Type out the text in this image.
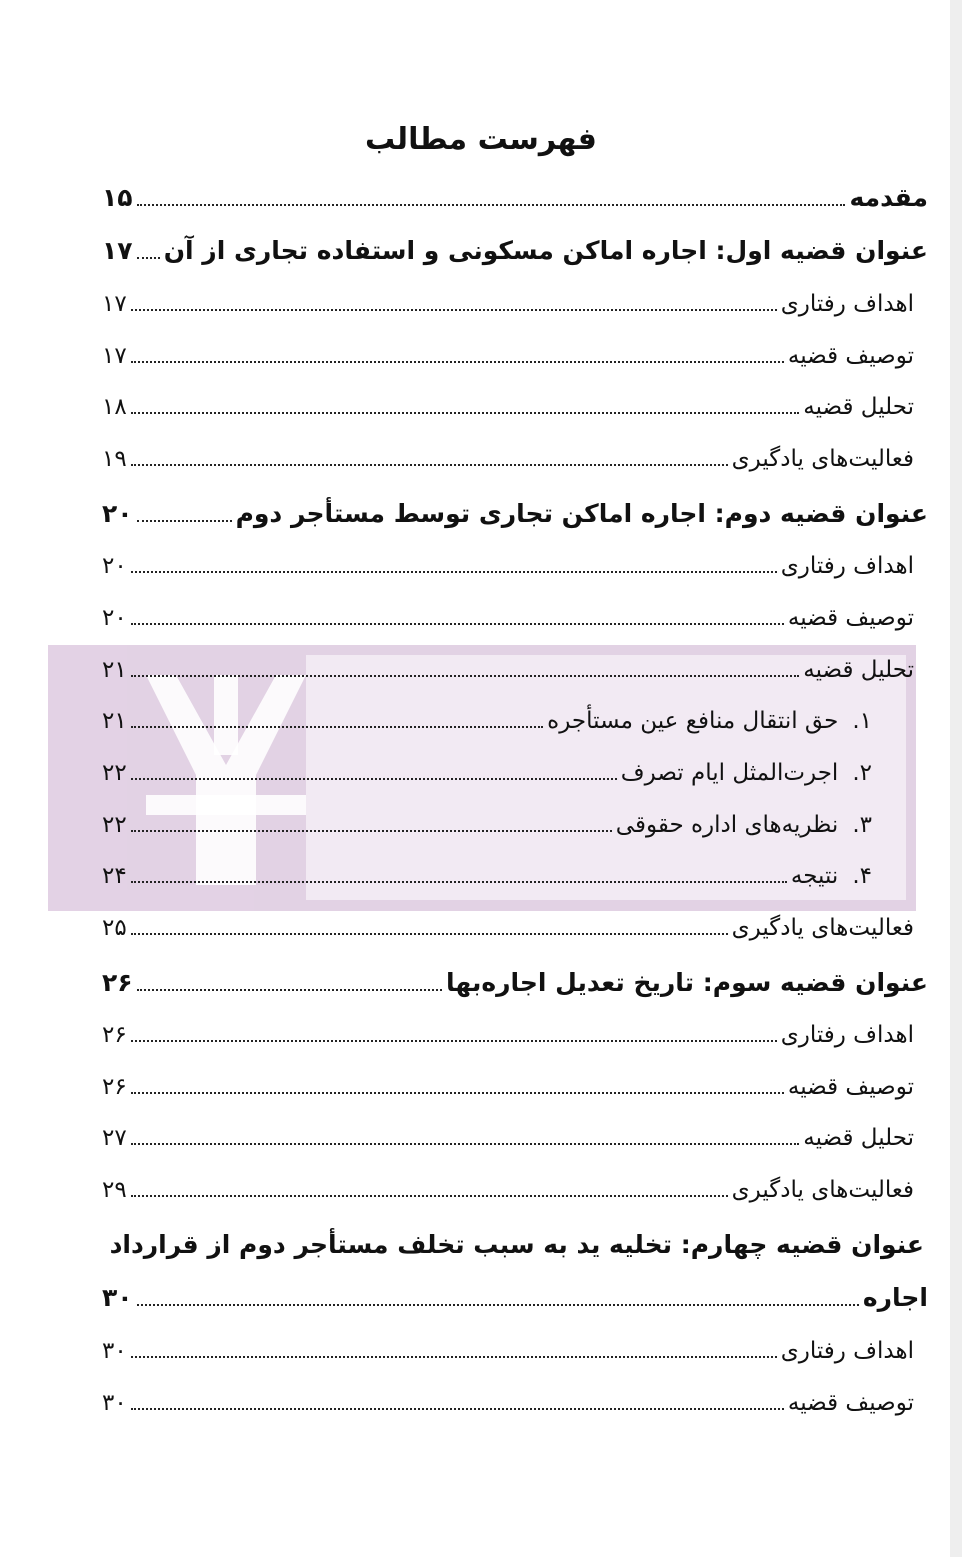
فهرست مطالب
مقدمه
۱۵
عنوان قضیه اول: اجاره اماکن مسکونی و استفاده تجاری از آن
۱۷
اهداف رفتاری
۱۷
توصیف قضیه
۱۷
تحلیل قضیه
۱۸
فعالیت‌های یادگیری
۱۹
عنوان قضیه دوم: اجاره اماکن تجاری توسط مستأجر دوم
۲۰
اهداف رفتاری
۲۰
توصیف قضیه
۲۰
تحلیل قضیه
۲۱
۱.
حق انتقال منافع عین مستأجره
۲۱
۲.
اجرت‌المثل ایام تصرف
۲۲
۳.
نظریه‌های اداره حقوقی
۲۲
۴.
نتیجه
۲۴
فعالیت‌های یادگیری
۲۵
عنوان قضیه سوم: تاریخ تعدیل اجاره‌بها
۲۶
اهداف رفتاری
۲۶
توصیف قضیه
۲۶
تحلیل قضیه
۲۷
فعالیت‌های یادگیری
۲۹
عنوان قضیه چهارم: تخلیه ید به سبب تخلف مستأجر دوم از قرارداد
اجاره
۳۰
اهداف رفتاری
۳۰
توصیف قضیه
۳۰
